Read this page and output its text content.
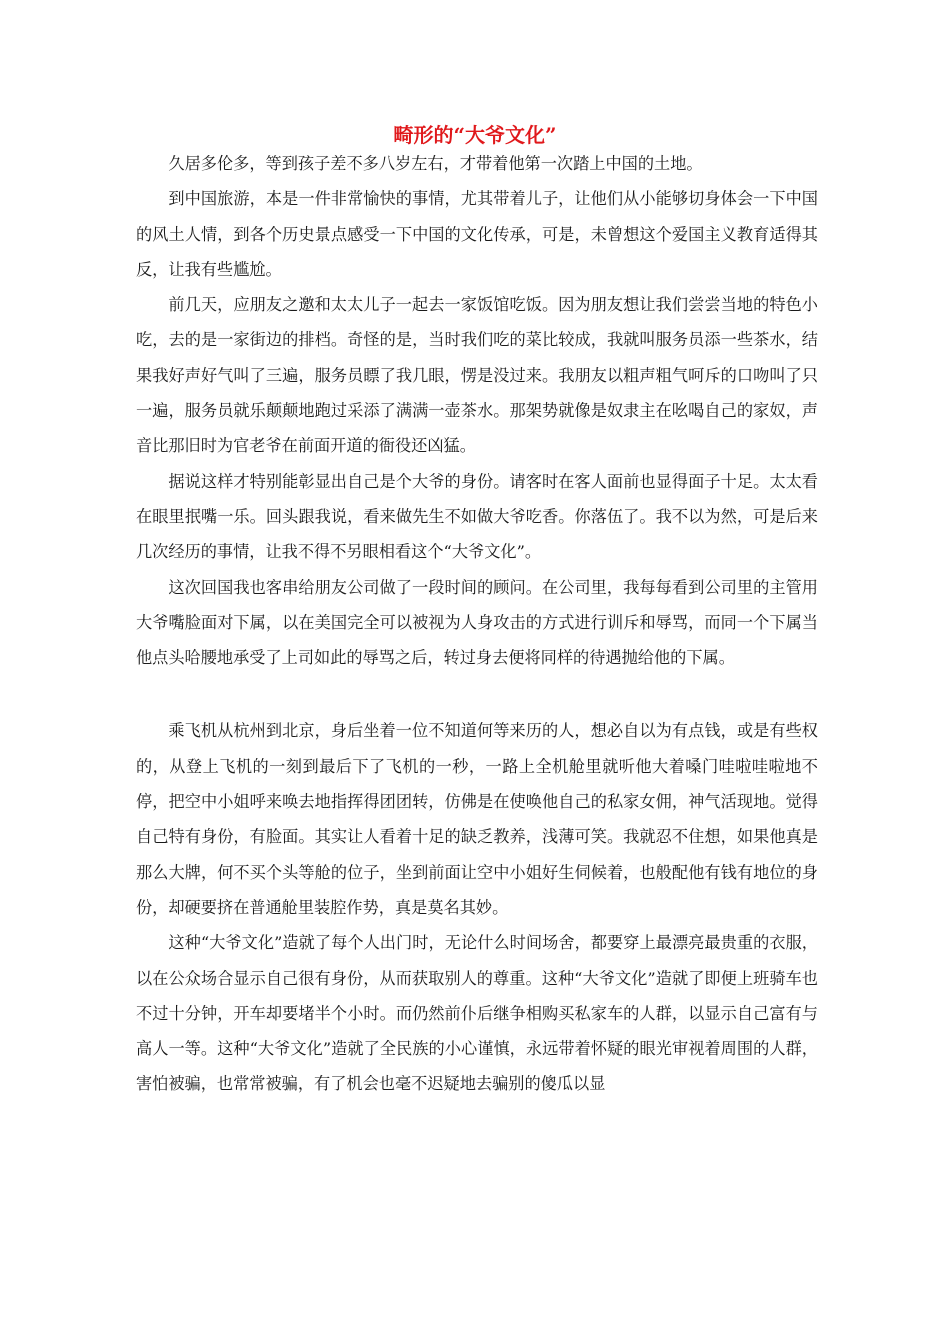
畸形的“大爷文化”

久居多伦多，等到孩子差不多八岁左右，才带着他第一次踏上中国的土地。

到中国旅游，本是一件非常愉快的事情，尤其带着儿子，让他们从小能够切身体会一下中国的风土人情，到各个历史景点感受一下中国的文化传承，可是，未曾想这个爱国主义教育适得其反，让我有些尴尬。

前几天，应朋友之邀和太太儿子一起去一家饭馆吃饭。因为朋友想让我们尝尝当地的特色小吃，去的是一家街边的排档。奇怪的是，当时我们吃的菜比较成，我就叫服务员添一些茶水，结果我好声好气叫了三遍，服务员瞟了我几眼，愣是没过来。我朋友以粗声粗气呵斥的口吻叫了只一遍，服务员就乐颠颠地跑过采添了满满一壶茶水。那架势就像是奴隶主在吆喝自己的家奴，声音比那旧时为官老爷在前面开道的衙役还凶猛。

据说这样才特别能彰显出自己是个大爷的身份。请客时在客人面前也显得面子十足。太太看在眼里抿嘴一乐。回头跟我说，看来做先生不如做大爷吃香。你落伍了。我不以为然，可是后来几次经历的事情，让我不得不另眼相看这个“大爷文化”。

这次回国我也客串给朋友公司做了一段时间的顾问。在公司里，我每每看到公司里的主管用大爷嘴脸面对下属，以在美国完全可以被视为人身攻击的方式进行训斥和辱骂，而同一个下属当他点头哈腰地承受了上司如此的辱骂之后，转过身去便将同样的待遇抛给他的下属。

乘飞机从杭州到北京，身后坐着一位不知道何等来历的人，想必自以为有点钱，或是有些权的，从登上飞机的一刻到最后下了飞机的一秒，一路上全机舱里就听他大着嗓门哇啦哇啦地不停，把空中小姐呼来唤去地指挥得团团转，仿佛是在使唤他自己的私家女佣，神气活现地。觉得自己特有身份，有脸面。其实让人看着十足的缺乏教养，浅薄可笑。我就忍不住想，如果他真是那么大牌，何不买个头等舱的位子，坐到前面让空中小姐好生伺候着，也般配他有钱有地位的身份，却硬要挤在普通舱里装腔作势，真是莫名其妙。

这种“大爷文化”造就了每个人出门时，无论什么时间场舍，都要穿上最漂亮最贵重的衣服，以在公众场合显示自己很有身份，从而获取别人的尊重。这种“大爷文化”造就了即便上班骑车也不过十分钟，开车却要堵半个小时。而仍然前仆后继争相购买私家车的人群，以显示自己富有与高人一等。这种“大爷文化”造就了全民族的小心谨慎，永远带着怀疑的眼光审视着周围的人群，害怕被骗，也常常被骗，有了机会也毫不迟疑地去骗别的傻瓜以显
